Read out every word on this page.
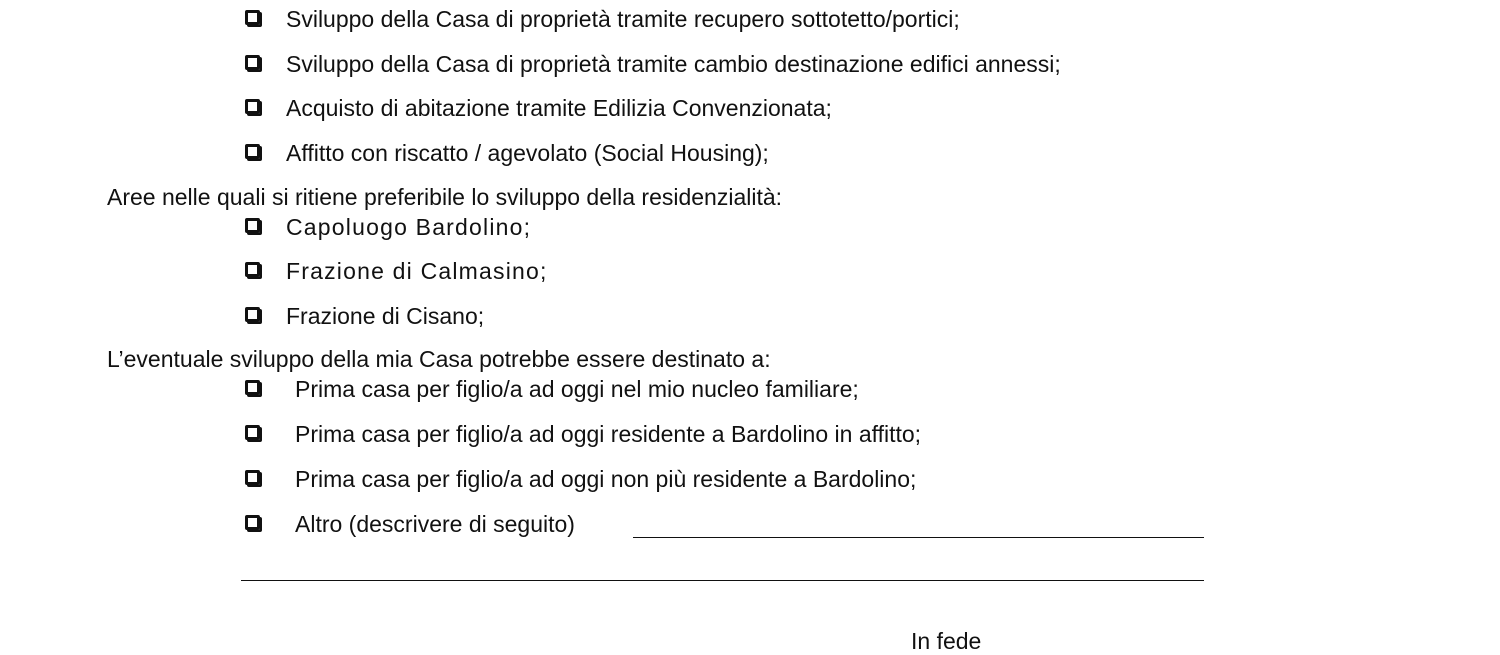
Sviluppo della Casa di proprietà tramite recupero sottotetto/portici;
Sviluppo della Casa di proprietà tramite cambio destinazione edifici annessi;
Acquisto di abitazione tramite Edilizia Convenzionata;
Affitto con riscatto / agevolato (Social Housing);
Aree nelle quali si ritiene preferibile lo sviluppo della residenzialità:
Capoluogo Bardolino;
Frazione di Calmasino;
Frazione di Cisano;
L’eventuale sviluppo della mia Casa potrebbe essere destinato a:
Prima casa per figlio/a ad oggi nel mio nucleo familiare;
Prima casa per figlio/a ad oggi residente a Bardolino in affitto;
Prima casa per figlio/a ad oggi non più residente a Bardolino;
Altro (descrivere di seguito)
In fede
